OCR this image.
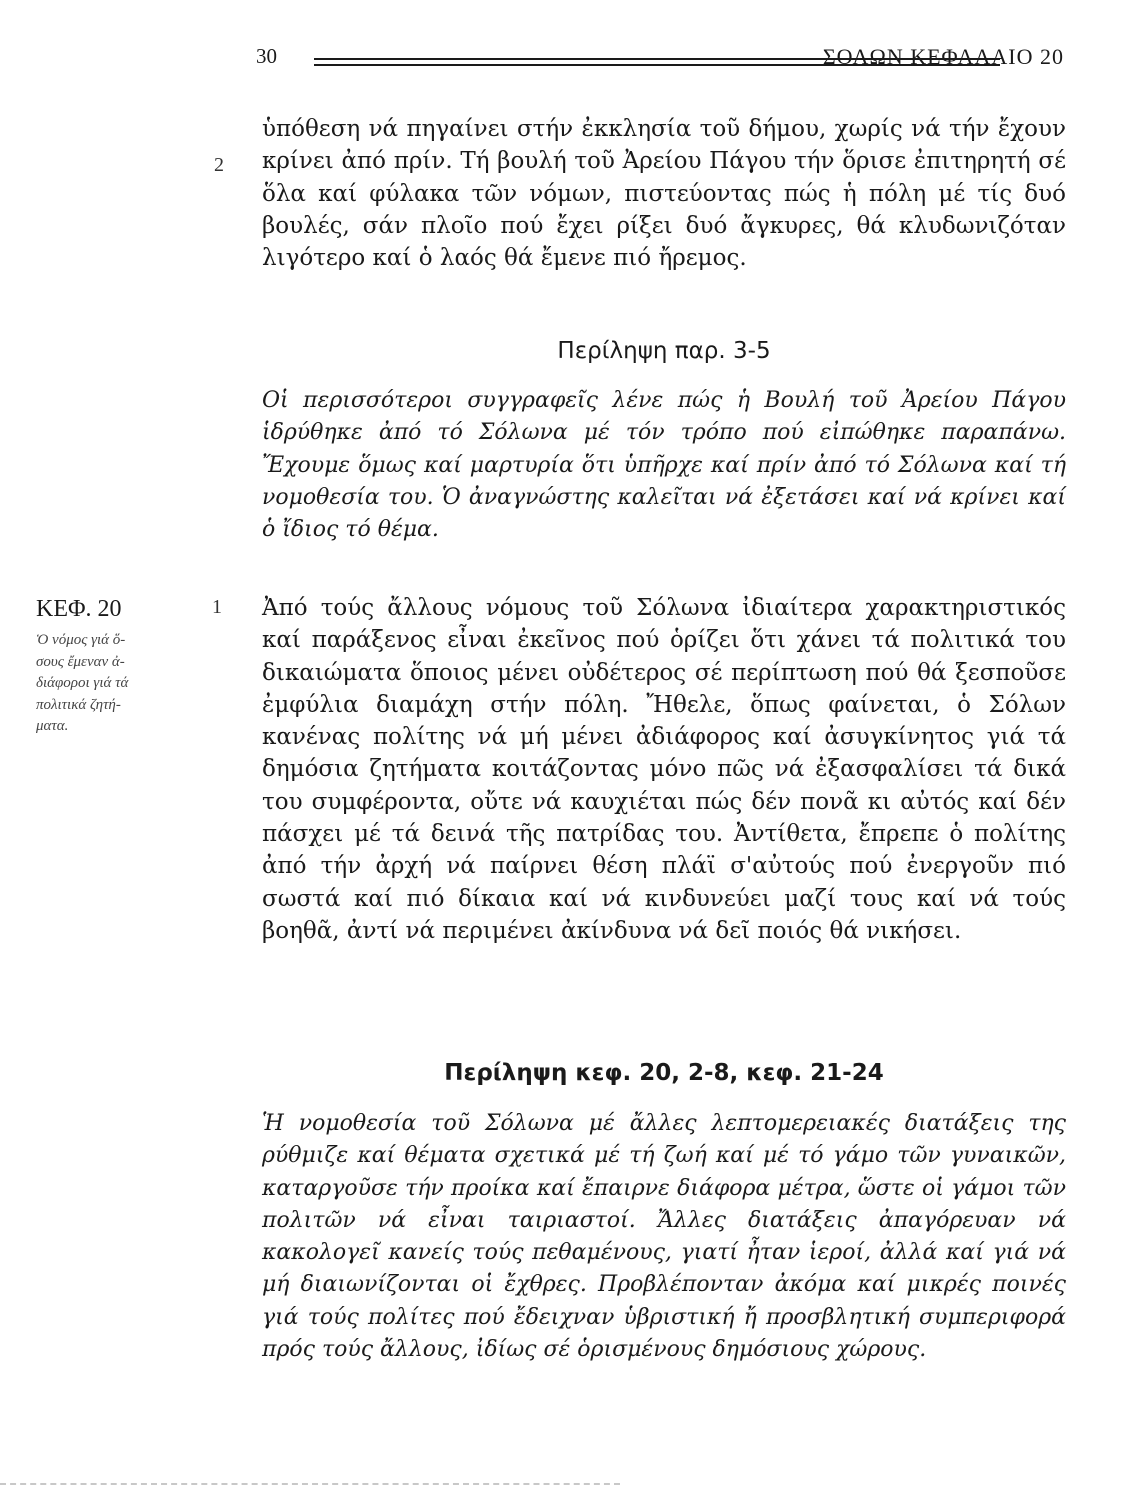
30	ΣΟΛΩΝ ΚΕΦΑΛΑΙΟ 20
2

ὑπόθεση νά πηγαίνει στήν ἐκκλησία τοῦ δήμου, χωρίς νά τήν ἔχουν κρίνει ἀπό πρίν. Τή βουλή τοῦ Ἀρείου Πάγου τήν ὅρισε ἐπιτηρητή σέ ὅλα καί φύλακα τῶν νόμων, πιστεύοντας πώς ἡ πόλη μέ τίς δυό βουλές, σάν πλοῖο πού ἔχει ρίξει δυό ἄγκυρες, θά κλυδωνιζόταν λιγότερο καί ὁ λαός θά ἔμενε πιό ἤρεμος.

Περίληψη παρ. 3-5

Οἱ περισσότεροι συγγραφεῖς λένε πώς ἡ Βουλή τοῦ Ἀρείου Πάγου ἱδρύθηκε ἀπό τό Σόλωνα μέ τόν τρόπο πού εἰπώθηκε παραπάνω. Ἔχουμε ὅμως καί μαρτυρία ὅτι ὑπῆρχε καί πρίν ἀπό τό Σόλωνα καί τή νομοθεσία του. Ὁ ἀναγνώστης καλεῖται νά ἐξετάσει καί νά κρίνει καί ὁ ἴδιος τό θέμα.

ΚΕΦ. 20
Ὁ νόμος γιά ὅ-
σους ἔμεναν ἀ-
διάφοροι γιά τά
πολιτικά ζητή-
ματα.
1 Ἀπό τούς ἄλλους νόμους τοῦ Σόλωνα ἰδιαίτερα χαρακτηριστικός καί παράξενος εἶναι ἐκεῖνος πού ὁρίζει ὅτι χάνει τά πολιτικά του δικαιώματα ὅποιος μένει οὐδέτερος σέ περίπτωση πού θά ξεσποῦσε ἐμφύλια διαμάχη στήν πόλη. Ἤθελε, ὅπως φαίνεται, ὁ Σόλων κανένας πολίτης νά μή μένει ἀδιάφορος καί ἀσυγκίνητος γιά τά δημόσια ζητήματα κοιτάζοντας μόνο πῶς νά ἐξασφαλίσει τά δικά του συμφέροντα, οὔτε νά καυχιέται πώς δέν πονᾶ κι αὐτός καί δέν πάσχει μέ τά δεινά τῆς πατρίδας του. Ἀντίθετα, ἔπρεπε ὁ πολίτης ἀπό τήν ἀρχή νά παίρνει θέση πλάϊ σ'αὐτούς πού ἐνεργοῦν πιό σωστά καί πιό δίκαια καί νά κινδυνεύει μαζί τους καί νά τούς βοηθᾶ, ἀντί νά περιμένει ἀκίνδυνα νά δεῖ ποιός θά νικήσει.

Περίληψη κεφ. 20, 2-8, κεφ. 21-24

Ἡ νομοθεσία τοῦ Σόλωνα μέ ἄλλες λεπτομερειακές διατάξεις της ρύθμιζε καί θέματα σχετικά μέ τή ζωή καί μέ τό γάμο τῶν γυναικῶν, καταργοῦσε τήν προίκα καί ἔπαιρνε διάφορα μέτρα, ὥστε οἱ γάμοι τῶν πολιτῶν νά εἶναι ταιριαστοί. Ἄλλες διατάξεις ἀπαγόρευαν νά κακολογεῖ κανείς τούς πεθαμένους, γιατί ἦταν ἱεροί, ἀλλά καί γιά νά μή διαιωνίζονται οἱ ἔχθρες. Προβλέπονταν ἀκόμα καί μικρές ποινές γιά τούς πολίτες πού ἔδειχναν ὑβριστική ἤ προσβλητική συμπεριφορά πρός τούς ἄλλους, ἰδίως σέ ὁρισμένους δημόσιους χώρους.
